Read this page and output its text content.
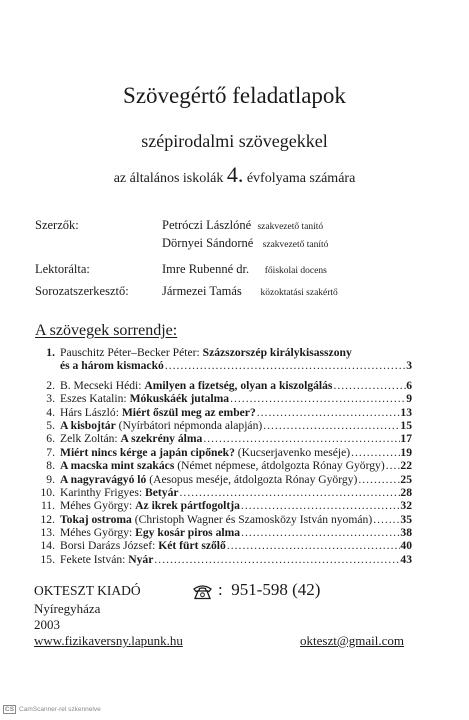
Szövegértő feladatlapok
szépirodalmi szövegekkel
az általános iskolák 4. évfolyama számára
Szerzők:	Petróczi Lászlóné szakvezető tanító
Dörnyei Sándorné szakvezető tanító
Lektorálta:	Imre Rubenné dr. főiskolai docens
Sorozatszerkesztő:	Jármezei Tamás közoktatási szakértő
A szövegek sorrendje:
1. Pauschitz Péter–Becker Péter:
Százszorszép királykisasszony
és a három kismackó .....	3
2. B. Mecseki Hédi:
Amilyen a fizetség, olyan a kiszolgálás .....	6
3. Eszes Katalin:
Mókuskáék jutalma .....	9
4. Hárs László:
Miért őszül meg az ember? .....	13
5. A kisbojtár
(Nyírbátori népmonda alapján) .....	15
6. Zelk Zoltán:
A szekrény álma .....	17
7. Miért nincs kérge a japán cipőnek?
(Kucserjavenko meséje) .....	19
8. A macska mint szakács
(Német népmese, átdolgozta Rónay György) ..... 22
9. A nagyravágyó ló
(Aesopus meséje, átdolgozta Rónay György) .....	25
10. Karinthy Frigyes:
Betyár .....	28
11. Méhes György:
Az ikrek pártfogoltja .....	32
12. Tokaj ostroma
(Christoph Wagner és Szamosközy István nyomán) ..... 35
13. Méhes György:
Egy kosár piros alma .....	38
14. Borsi Darázs József:
Két fürt szőlő .....	40
15. Fekete István:
Nyár .....	43
OKTESZT KIADÓ	: 951-598 (42)
Nyíregyháza
2003
www.fizikaversny.lapunk.hu	okteszt@gmail.com
CS CamScanner-rel szkennelve
